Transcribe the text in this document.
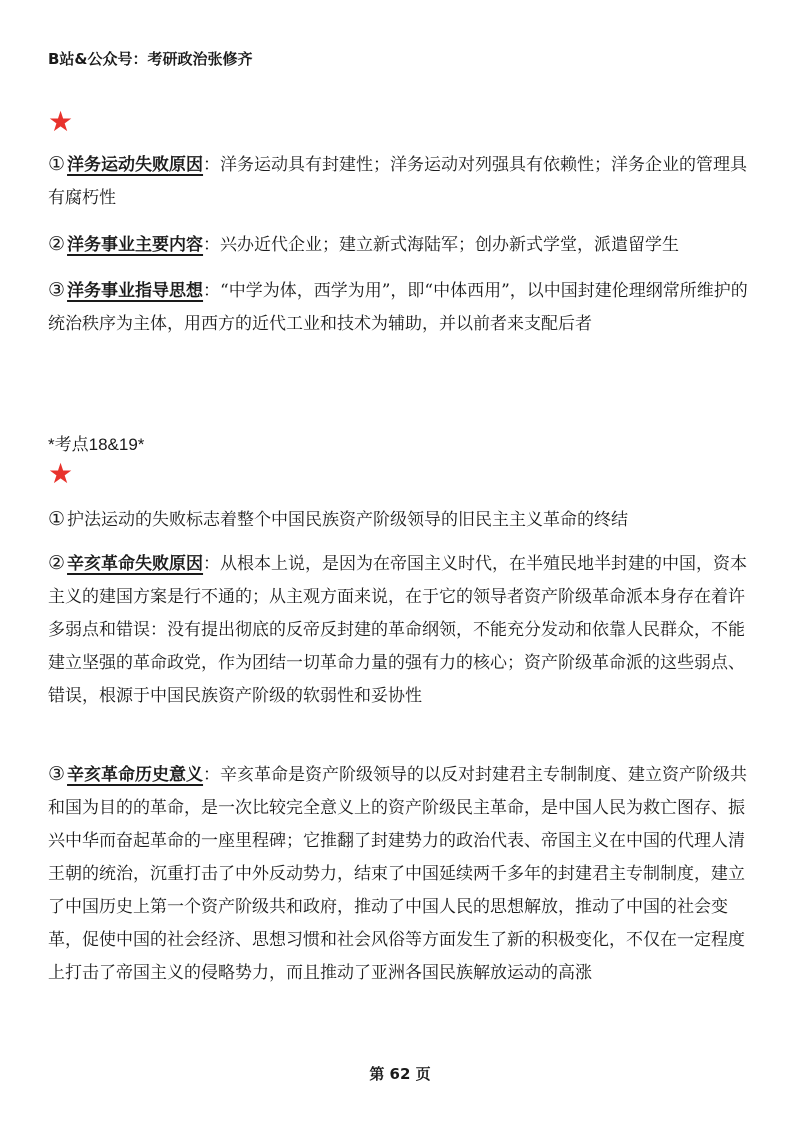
B站&公众号：考研政治张修齐
★
① 洋务运动失败原因：洋务运动具有封建性；洋务运动对列强具有依赖性；洋务企业的管理具有腐朽性
② 洋务事业主要内容：兴办近代企业；建立新式海陆军；创办新式学堂，派遣留学生
③ 洋务事业指导思想：“中学为体，西学为用”，即“中体西用”，以中国封建伦理纲常所维护的统治秩序为主体，用西方的近代工业和技术为辅助，并以前者来支配后者
*考点18&19*
★
① 护法运动的失败标志着整个中国民族资产阶级领导的旧民主主义革命的终结
② 辛亥革命失败原因：从根本上说，是因为在帝国主义时代，在半殖民地半封建的中国，资本主义的建国方案是行不通的；从主观方面来说，在于它的领导者资产阶级革命派本身存在着许多弱点和错误：没有提出彻底的反帝反封建的革命纲领，不能充分发动和依靠人民群众，不能建立坚强的革命政党，作为团结一切革命力量的强有力的核心；资产阶级革命派的这些弱点、错误，根源于中国民族资产阶级的软弱性和妥协性
③ 辛亥革命历史意义：辛亥革命是资产阶级领导的以反对封建君主专制制度、建立资产阶级共和国为目的的革命，是一次比较完全意义上的资产阶级民主革命，是中国人民为救亡图存、振兴中华而奋起革命的一座里程碑；它推翻了封建势力的政治代表、帝国主义在中国的代理人清王朝的统治，沉重打击了中外反动势力，结束了中国延续两千多年的封建君主专制制度，建立了中国历史上第一个资产阶级共和政府，推动了中国人民的思想解放，推动了中国的社会变革，促使中国的社会经济、思想习惯和社会风俗等方面发生了新的积极变化，不仅在一定程度上打击了帝国主义的侵略势力，而且推动了亚洲各国民族解放运动的高涨
第 62 页
